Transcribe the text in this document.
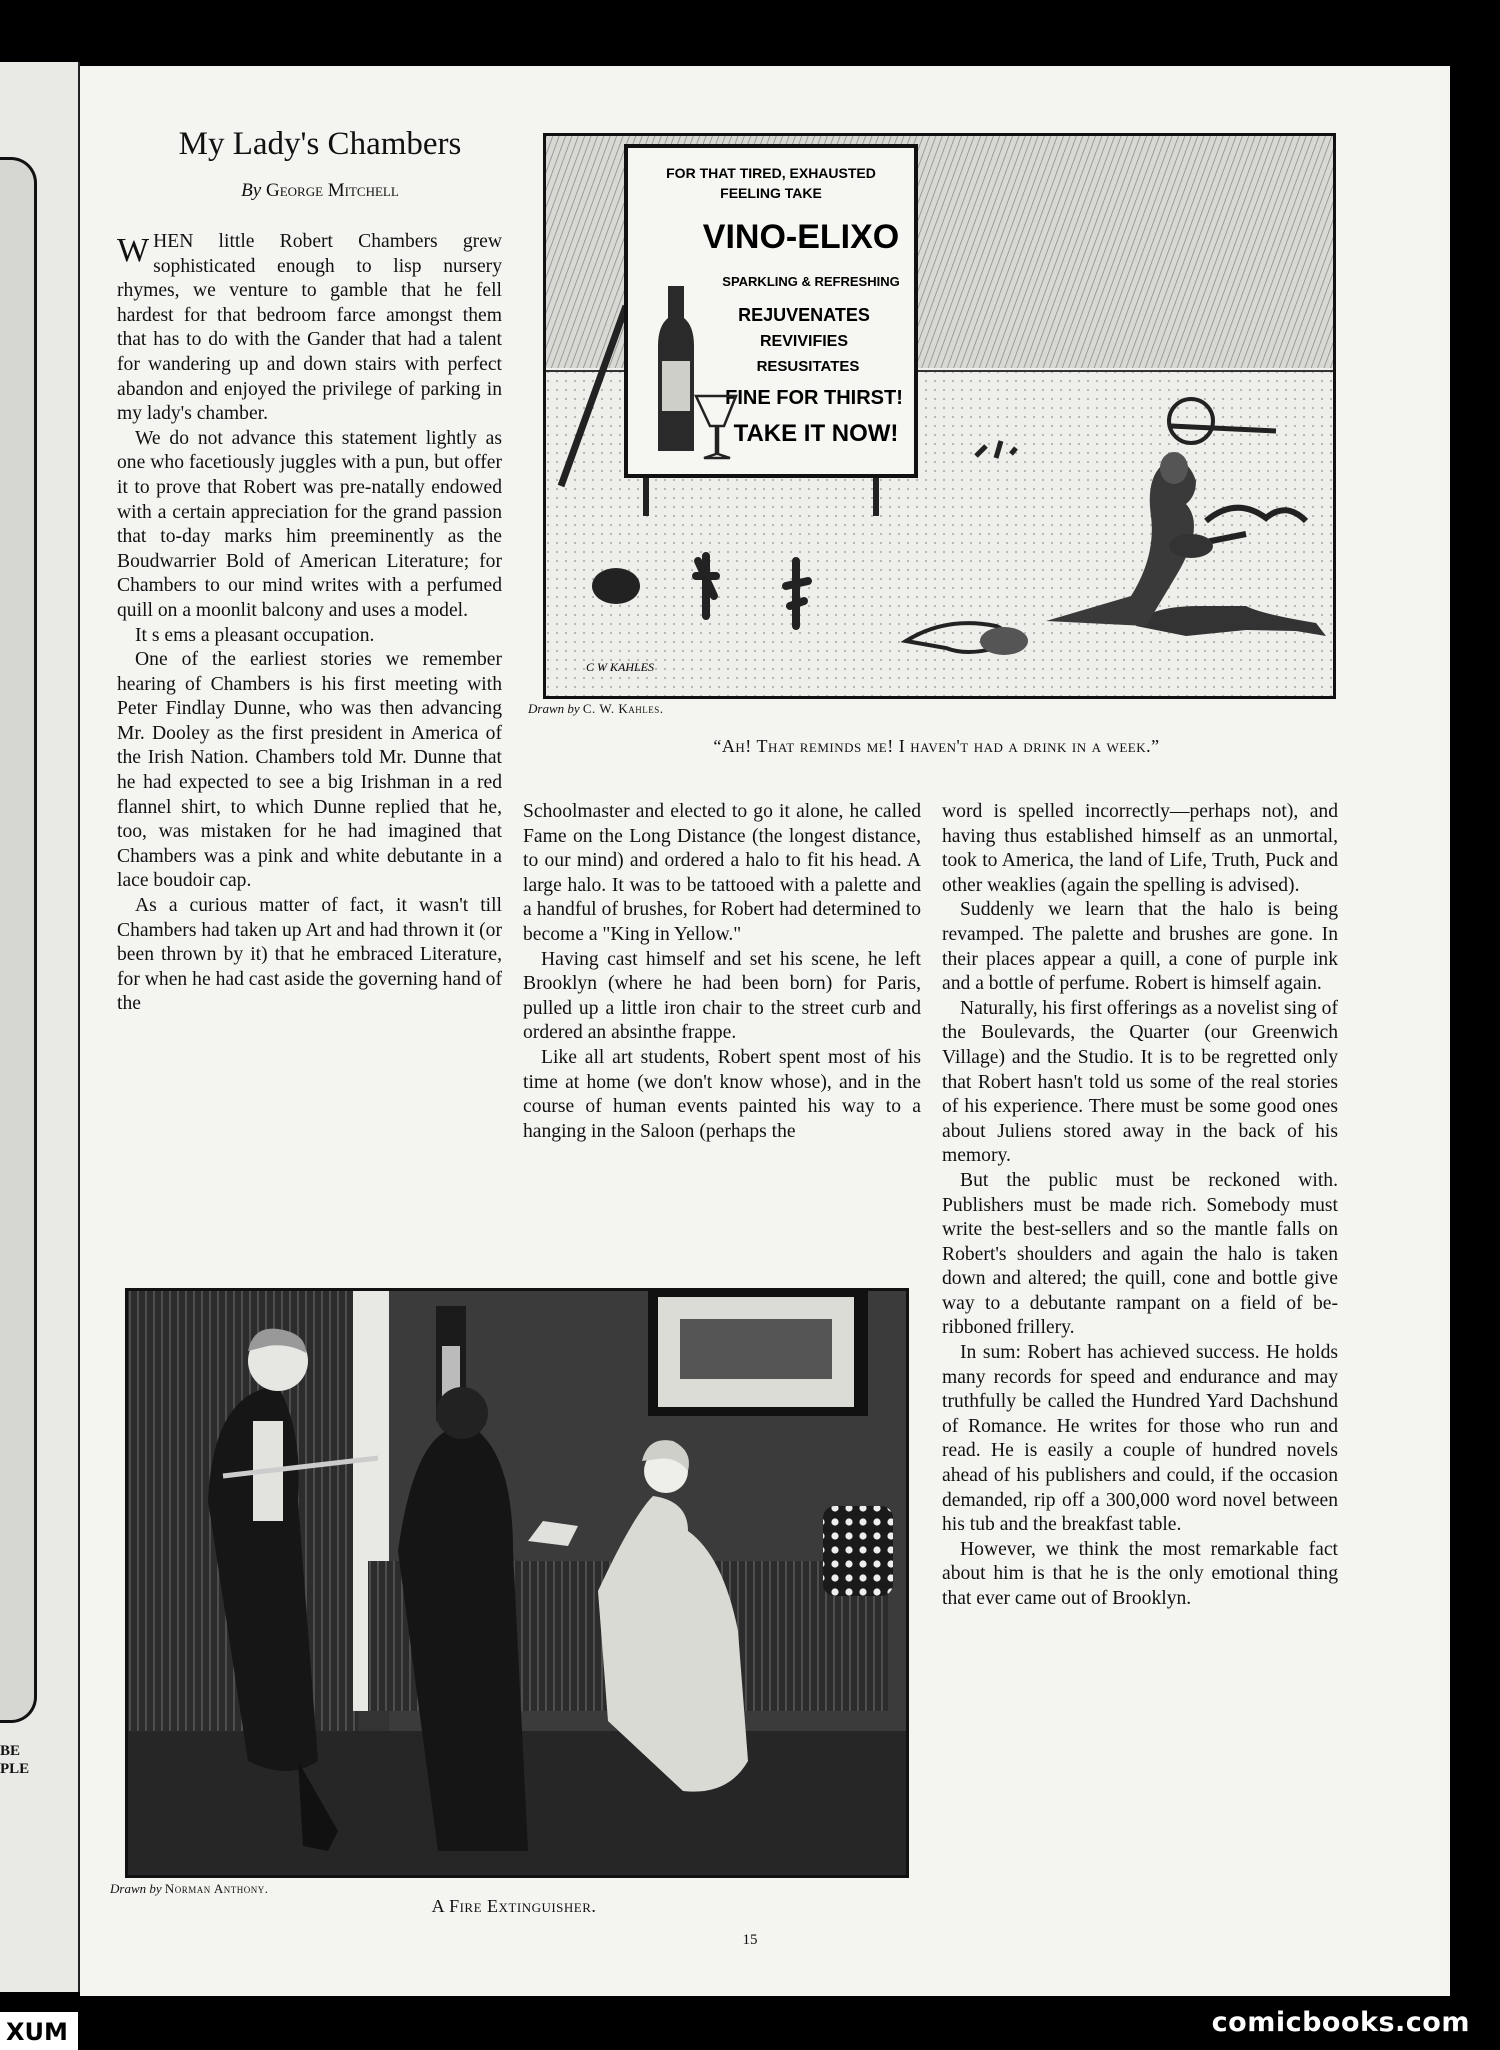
BE
PLE
My Lady's Chambers
By George Mitchell

WHEN little Robert Chambers grew sophisticated enough to lisp nursery rhymes, we venture to gamble that he fell hardest for that bedroom farce amongst them that has to do with the Gander that had a talent for wandering up and down stairs with perfect abandon and enjoyed the privilege of parking in my lady's chamber.

We do not advance this statement lightly as one who facetiously juggles with a pun, but offer it to prove that Robert was pre-natally endowed with a certain appreciation for the grand passion that to-day marks him preeminently as the Boudwarrier Bold of American Literature; for Chambers to our mind writes with a perfumed quill on a moonlit balcony and uses a model.

It s ems a pleasant occupation.

One of the earliest stories we remember hearing of Chambers is his first meeting with Peter Findlay Dunne, who was then advancing Mr. Dooley as the first president in America of the Irish Nation. Chambers told Mr. Dunne that he had expected to see a big Irishman in a red flannel shirt, to which Dunne replied that he, too, was mistaken for he had imagined that Chambers was a pink and white debutante in a lace boudoir cap.

As a curious matter of fact, it wasn't till Chambers had taken up Art and had thrown it (or been thrown by it) that he embraced Literature, for when he had cast aside the governing hand of the

FOR THAT TIRED, EXHAUSTED
FEELING TAKE
VINO-ELIXO
SPARKLING & REFRESHING
REJUVENATES
REVIVIFIES
RESUSITATES
FINE FOR THIRST!
TAKE IT NOW!
C W KAHLES
Drawn by C. W. Kahles.
“Ah! That reminds me! I haven't had a drink in a week.”

Schoolmaster and elected to go it alone, he called Fame on the Long Distance (the longest distance, to our mind) and ordered a halo to fit his head. A large halo. It was to be tattooed with a palette and a handful of brushes, for Robert had determined to become a "King in Yellow."

Having cast himself and set his scene, he left Brooklyn (where he had been born) for Paris, pulled up a little iron chair to the street curb and ordered an absinthe frappe.

Like all art students, Robert spent most of his time at home (we don't know whose), and in the course of human events painted his way to a hanging in the Saloon (perhaps the

word is spelled incorrectly—perhaps not), and having thus established himself as an unmortal, took to America, the land of Life, Truth, Puck and other weaklies (again the spelling is advised).

Suddenly we learn that the halo is being revamped. The palette and brushes are gone. In their places appear a quill, a cone of purple ink and a bottle of perfume. Robert is himself again.

Naturally, his first offerings as a novelist sing of the Boulevards, the Quarter (our Greenwich Village) and the Studio. It is to be regretted only that Robert hasn't told us some of the real stories of his experience. There must be some good ones about Juliens stored away in the back of his memory.

But the public must be reckoned with. Publishers must be made rich. Somebody must write the best-sellers and so the mantle falls on Robert's shoulders and again the halo is taken down and altered; the quill, cone and bottle give way to a debutante rampant on a field of be-ribboned frillery.

In sum: Robert has achieved success. He holds many records for speed and endurance and may truthfully be called the Hundred Yard Dachshund of Romance. He writes for those who run and read. He is easily a couple of hundred novels ahead of his publishers and could, if the occasion demanded, rip off a 300,000 word novel between his tub and the breakfast table.

However, we think the most remarkable fact about him is that he is the only emotional thing that ever came out of Brooklyn.

Drawn by Norman Anthony.
A Fire Extinguisher.
15
XUM	comicbooks.com
